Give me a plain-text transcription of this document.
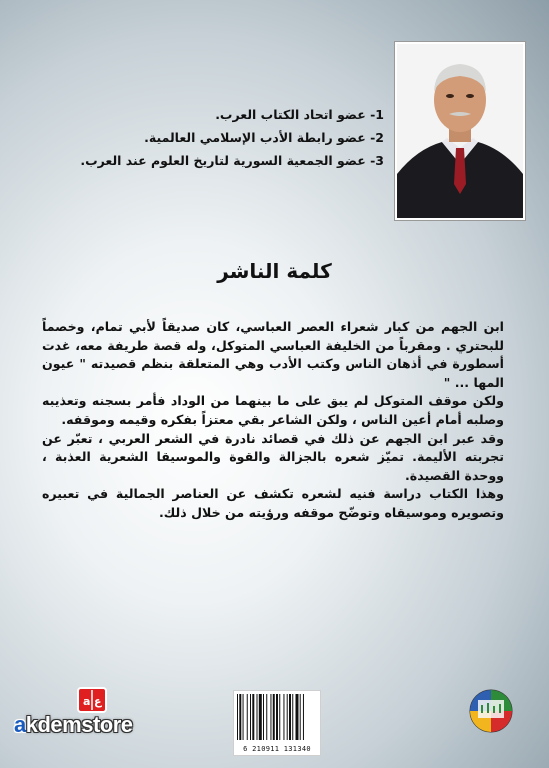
1- عضو اتحاد الكتاب العرب.
2- عضو رابطة الأدب الإسلامي العالمية.
3- عضو الجمعية السورية لتاريخ العلوم عند العرب.
كلمة الناشر

ابن الجهم من كبار شعراء العصر العباسي، كان صديقاً لأبي تمام، وخصماً للبحتري . ومقرباً من الخليفة العباسي المتوكل، وله قصة طريفة معه، غدت أسطورة في أذهان الناس وكتب الأدب وهي المتعلقة بنظم قصيدته " عيون المها ... "

ولكن موقف المتوكل لم يبق على ما بينهما من الوداد فأمر بسجنه وتعذيبه وصلبه أمام أعين الناس ، ولكن الشاعر بقي معتزاً بفكره وقيمه وموقفه.

وقد عبر ابن الجهم عن ذلك في قصائد نادرة في الشعر العربي ، تعبّر عن تجربته الأليمة. تميّز شعره بالجزالة والقوة والموسيقا الشعرية العذبة ، ووحدة القصيدة.

وهذا الكتاب دراسة فنيه لشعره تكشف عن العناصر الجمالية في تعبيره وتصويره وموسيقاه وتوضّح موقفه ورؤيته من خلال ذلك.

a ع
akdemstore
6 210911 131340
